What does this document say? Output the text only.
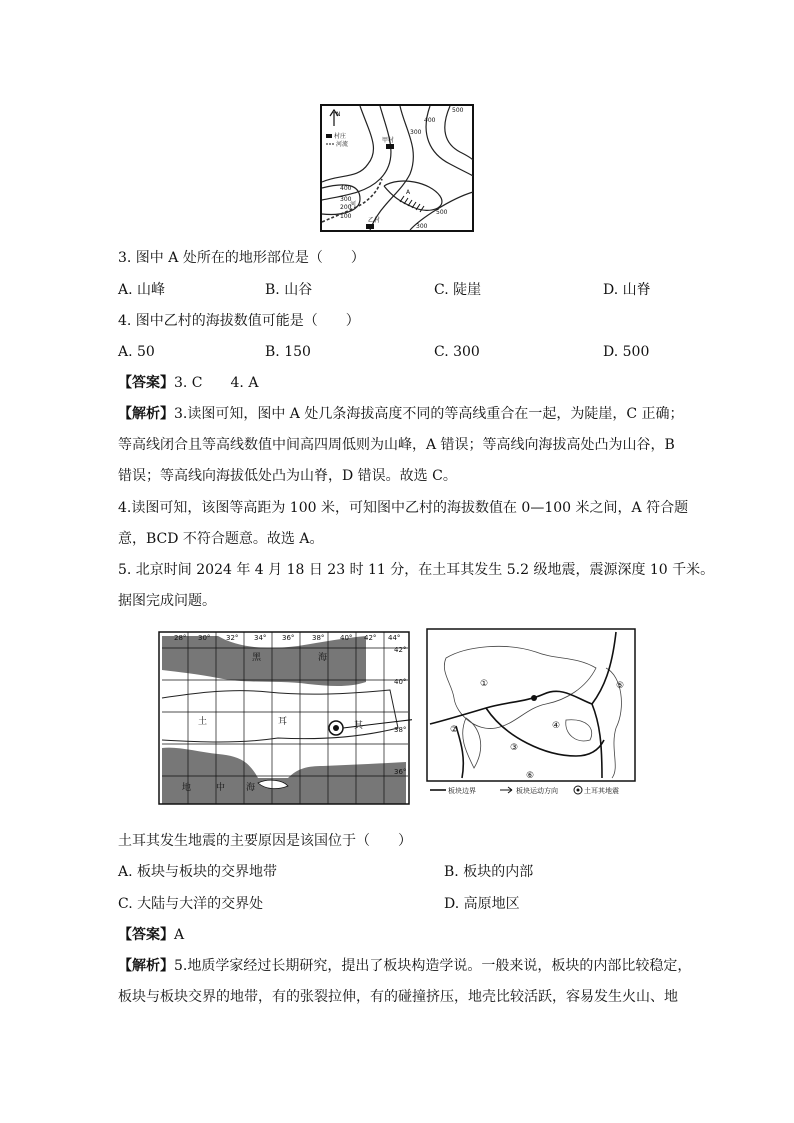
N
村庄
河流
500
400
300
400
300
200
100
500
300
甲村
乙村
A
河
3. 图中 A 处所在的地形部位是（　　）
A. 山峰	B. 山谷	C. 陡崖	D. 山脊
4. 图中乙村的海拔数值可能是（　　）
A. 50	B. 150	C. 300	D. 500
【答案】3. C　　4. A
【解析】3.读图可知，图中 A 处几条海拔高度不同的等高线重合在一起，为陡崖，C 正确；
等高线闭合且等高线数值中间高四周低则为山峰，A 错误；等高线向海拔高处凸为山谷，B
错误；等高线向海拔低处凸为山脊，D 错误。故选 C。
4.读图可知，该图等高距为 100 米，可知图中乙村的海拔数值在 0—100 米之间，A 符合题
意，BCD 不符合题意。故选 A。
5. 北京时间 2024 年 4 月 18 日 23 时 11 分，在土耳其发生 5.2 级地震，震源深度 10 千米。
据图完成问题。
28° 30° 32° 34° 36°	38° 40° 42° 44°
42°
40°
38°
36°
黑	海
土	耳	其
地	中 海
①
②
③
④
⑤
⑥
板块边界	板块运动方向	土耳其地震
土耳其发生地震的主要原因是该国位于（　　）
A. 板块与板块的交界地带	B. 板块的内部
C. 大陆与大洋的交界处	D. 高原地区
【答案】A
【解析】5.地质学家经过长期研究，提出了板块构造学说。一般来说，板块的内部比较稳定，
板块与板块交界的地带，有的张裂拉伸，有的碰撞挤压，地壳比较活跃，容易发生火山、地
